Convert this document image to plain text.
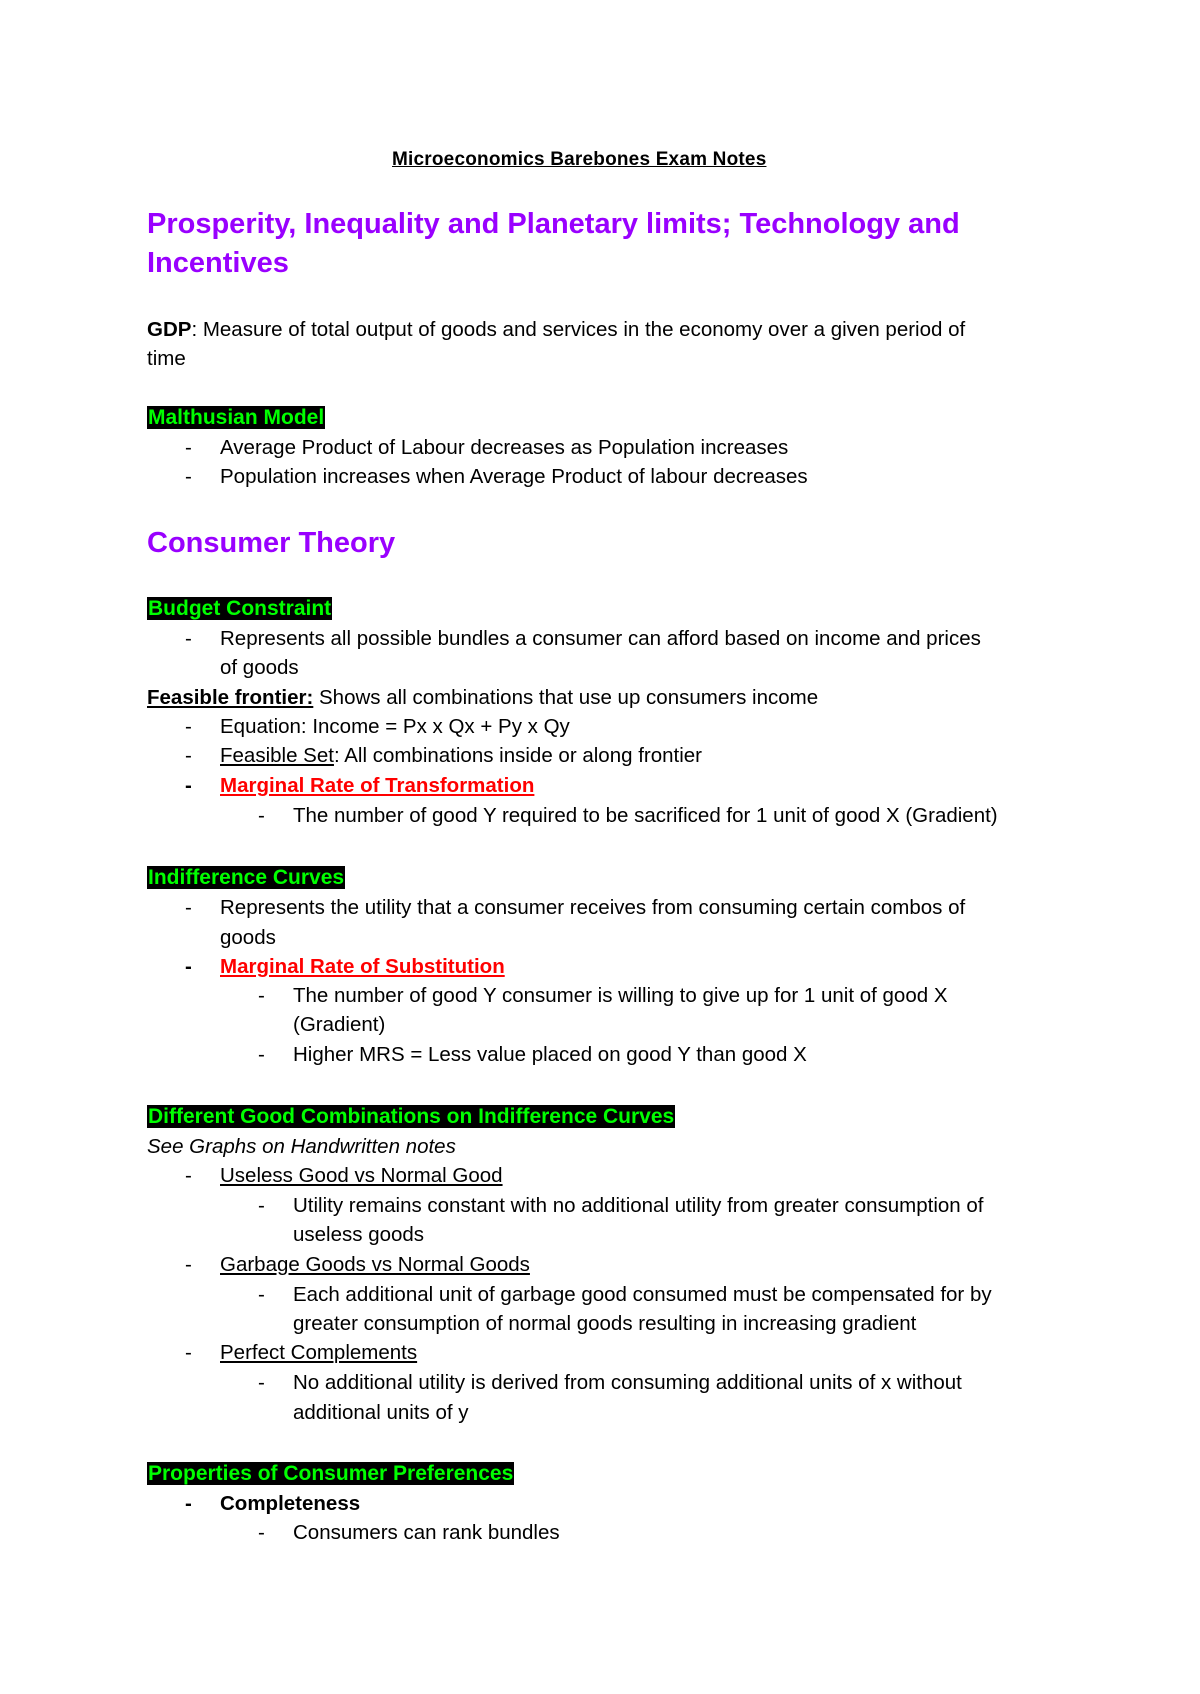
Microeconomics Barebones Exam Notes
Prosperity, Inequality and Planetary limits; Technology and
Incentives
GDP: Measure of total output of goods and services in the economy over a given period of
time
Malthusian Model
- Average Product of Labour decreases as Population increases
- Population increases when Average Product of labour decreases
Consumer Theory
Budget Constraint
- Represents all possible bundles a consumer can afford based on income and prices
of goods
Feasible frontier: Shows all combinations that use up consumers income
- Equation: Income = Px x Qx + Py x Qy
- Feasible Set: All combinations inside or along frontier
- Marginal Rate of Transformation
- The number of good Y required to be sacrificed for 1 unit of good X (Gradient)
Indifference Curves
- Represents the utility that a consumer receives from consuming certain combos of
goods
- Marginal Rate of Substitution
- The number of good Y consumer is willing to give up for 1 unit of good X
(Gradient)
- Higher MRS = Less value placed on good Y than good X
Different Good Combinations on Indifference Curves
See Graphs on Handwritten notes
- Useless Good vs Normal Good
- Utility remains constant with no additional utility from greater consumption of
useless goods
- Garbage Goods vs Normal Goods
- Each additional unit of garbage good consumed must be compensated for by
greater consumption of normal goods resulting in increasing gradient
- Perfect Complements
- No additional utility is derived from consuming additional units of x without
additional units of y
Properties of Consumer Preferences
- Completeness
- Consumers can rank bundles
